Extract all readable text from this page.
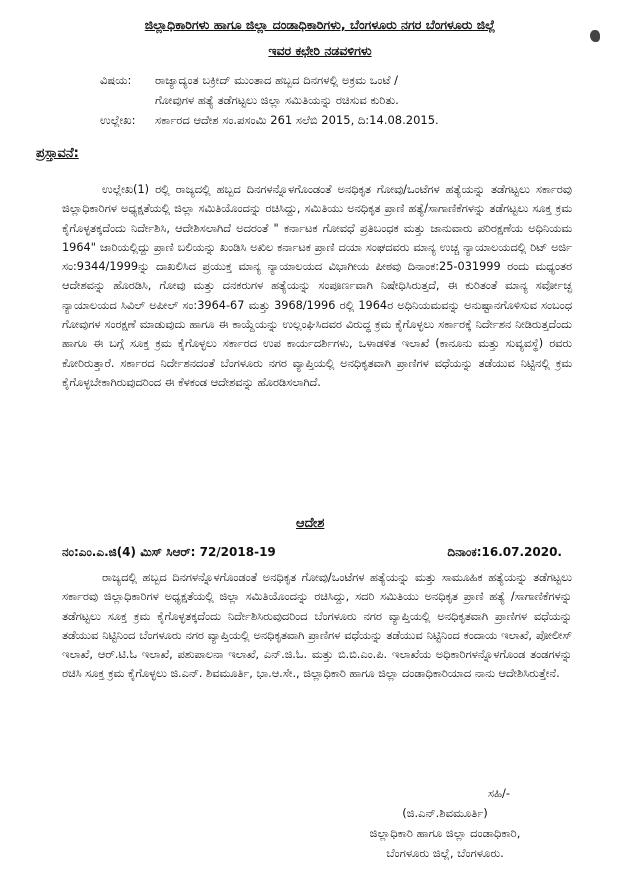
ಜಿಲ್ಲಾಧಿಕಾರಿಗಳು ಹಾಗೂ ಜಿಲ್ಲಾ ದಂಡಾಧಿಕಾರಿಗಳು, ಬೆಂಗಳೂರು ನಗರ ಬೆಂಗಳೂರು ಜಿಲ್ಲೆ
ಇವರ ಕಛೇರಿ ನಡವಳಿಗಳು
ವಿಷಯ:	ರಾಜ್ಯಾದ್ಯಂತ ಬಕ್ರೀದ್ ಮುಂತಾದ ಹಬ್ಬದ ದಿನಗಳಲ್ಲಿ ಅಕ್ರಮ ಒಂಟೆ /
ಗೋವುಗಳ ಹತ್ಯೆ ತಡೆಗಟ್ಟಲು ಜಿಲ್ಲಾ ಸಮಿತಿಯನ್ನು ರಚಿಸುವ ಕುರಿತು.
ಉಲ್ಲೇಖ:	ಸರ್ಕಾರದ ಆದೇಶ ಸಂ.ಪಸಂಮಿ 261 ಸಲೆಬಿ 2015, ದಿ:14.08.2015.
ಪ್ರಸ್ತಾವನೆ:
ಉಲ್ಲೇಖ(1) ರಲ್ಲಿ ರಾಜ್ಯದಲ್ಲಿ ಹಬ್ಬದ ದಿನಗಳನ್ನೊಳಗೊಂಡಂತೆ ಅನಧಿಕೃತ ಗೋವು/ಒಂಟೆಗಳ ಹತ್ಯೆಯನ್ನು ತಡೆಗಟ್ಟಲು ಸರ್ಕಾರವು ಜಿಲ್ಲಾಧಿಕಾರಿಗಳ ಅಧ್ಯಕ್ಷತೆಯಲ್ಲಿ ಜಿಲ್ಲಾ ಸಮಿತಿಯೊಂದನ್ನು ರಚಿಸಿದ್ದು, ಸಮಿತಿಯು ಅನಧಿಕೃತ ಪ್ರಾಣಿ ಹತ್ಯೆ/ಸಾಗಾಣಿಕೆಗಳನ್ನು ತಡೆಗಟ್ಟಲು ಸೂಕ್ತ ಕ್ರಮ ಕೈಗೊಳ್ಳತಕ್ಕದೆಂದು ನಿರ್ದೇಶಿಸಿ, ಆದೇಶಿಸಲಾಗಿದೆ ಅದರಂತೆ " ಕರ್ನಾಟಕ ಗೋವಧೆ ಪ್ರತಿಬಂಧಕ ಮತ್ತು ಜಾನುವಾರು ಪರಿರಕ್ಷಣೆಯ ಅಧಿನಿಯಮ 1964" ಜಾರಿಯಲ್ಲಿದ್ದು ಪ್ರಾಣಿ ಬಲಿಯನ್ನು ಖಂಡಿಸಿ ಅಖಿಲ ಕರ್ನಾಟಕ ಪ್ರಾಣಿ ದಯಾ ಸಂಘದವರು ಮಾನ್ಯ ಉಚ್ಚ ನ್ಯಾಯಾಲಯದಲ್ಲಿ ರಿಟ್ ಅರ್ಜಿ ಸಂ:9344/1999ನ್ನು ದಾಖಲಿಸಿದ ಪ್ರಯುಕ್ತ ಮಾನ್ಯ ನ್ಯಾಯಾಲಯದ ವಿಭಾಗೀಯ ಪೀಠವು ದಿನಾಂಕ:25-031999 ರಂದು ಮಧ್ಯಂತರ ಆದೇಶವನ್ನು ಹೊರಡಿಸಿ, ಗೋವು ಮತ್ತು ದನಕರುಗಳ ಹತ್ಯೆಯನ್ನು ಸಂಪೂರ್ಣವಾಗಿ ನಿಷೇಧಿಸಿರುತ್ತದೆ, ಈ ಕುರಿತಂತೆ ಮಾನ್ಯ ಸರ್ವೋಚ್ಛ ನ್ಯಾಯಾಲಯದ ಸಿವಿಲ್ ಅಪೀಲ್ ಸಂ:3964-67 ಮತ್ತು 3968/1996 ರಲ್ಲಿ 1964ರ ಅಧಿನಿಯಮವನ್ನು ಅನುಷ್ಟಾನಗೊಳಿಸುವ ಸಂಬಂಧ ಗೋವುಗಳ ಸಂರಕ್ಷಣೆ ಮಾಡುವುದು ಹಾಗೂ ಈ ಕಾಯ್ದೆಯನ್ನು ಉಲ್ಲಂಘಿಸಿದವರ ವಿರುದ್ಧ ಕ್ರಮ ಕೈಗೊಳ್ಳಲು ಸರ್ಕಾರಕ್ಕೆ ನಿರ್ದೇಶನ ನೀಡಿರುತ್ತದೆಂದು ಹಾಗೂ ಈ ಬಗ್ಗೆ ಸೂಕ್ತ ಕ್ರಮ ಕೈಗೊಳ್ಳಲು ಸರ್ಕಾರದ ಉಪ ಕಾರ್ಯದರ್ಶಿಗಳು, ಒಳಾಡಳಿತ ಇಲಾಖೆ (ಕಾನೂನು ಮತ್ತು ಸುವ್ಯವಸ್ಥೆ) ರವರು ಕೋರಿರುತ್ತಾರೆ. ಸರ್ಕಾರದ ನಿರ್ದೇಶನದಂತೆ ಬೆಂಗಳೂರು ನಗರ ವ್ಯಾಪ್ತಿಯಲ್ಲಿ ಅನಧಿಕೃತವಾಗಿ ಪ್ರಾಣಿಗಳ ವಧೆಯನ್ನು ತಡೆಯುವ ನಿಟ್ಟಿನಲ್ಲಿ ಕ್ರಮ ಕೈಗೊಳ್ಳಬೇಕಾಗಿರುವುದರಿಂದ ಈ ಕೆಳಕಂಡ ಆದೇಶವನ್ನು ಹೊರಡಿಸಲಾಗಿದೆ.
ಆದೇಶ
ನಂ:ಎಂ.ಎ.ಜಿ(4) ಮಿಸ್ ಸಿಆರ್: 72/2018-19	ದಿನಾಂಕ:16.07.2020.
ರಾಜ್ಯದಲ್ಲಿ ಹಬ್ಬದ ದಿನಗಳನ್ನೊಳಗೊಂಡಂತೆ ಅನಧಿಕೃತ ಗೋವು/ಒಂಟೆಗಳ ಹತ್ಯೆಯನ್ನು ಮತ್ತು ಸಾಮೂಹಿಕ ಹತ್ಯೆಯನ್ನು ತಡೆಗಟ್ಟಲು ಸರ್ಕಾರವು ಜಿಲ್ಲಾಧಿಕಾರಿಗಳ ಅಧ್ಯಕ್ಷತೆಯಲ್ಲಿ ಜಿಲ್ಲಾ ಸಮಿತಿಯೊಂದನ್ನು ರಚಿಸಿದ್ದು, ಸದರಿ ಸಮಿತಿಯು ಅನಧಿಕೃತ ಪ್ರಾಣಿ ಹತ್ಯೆ /ಸಾಗಾಣಿಕೆಗಳನ್ನು ತಡೆಗಟ್ಟಲು ಸೂಕ್ತ ಕ್ರಮ ಕೈಗೊಳ್ಳತಕ್ಕದೆಂದು ನಿರ್ದೇಶಿಸಿರುವುದರಿಂದ ಬೆಂಗಳೂರು ನಗರ ವ್ಯಾಪ್ತಿಯಲ್ಲಿ ಅನಧಿಕೃತವಾಗಿ ಪ್ರಾಣಿಗಳ ವಧೆಯನ್ನು ತಡೆಯುವ ನಿಟ್ಟಿನಿಂದ ಬೆಂಗಳೂರು ನಗರ ವ್ಯಾಪ್ತಿಯಲ್ಲಿ ಅನಧಿಕೃತವಾಗಿ ಪ್ರಾಣಿಗಳ ವಧೆಯನ್ನು ತಡೆಯುವ ನಿಟ್ಟಿನಿಂದ ಕಂದಾಯ ಇಲಾಖೆ, ಪೋಲೀಸ್ ಇಲಾಖೆ, ಆರ್.ಟಿ.ಓ ಇಲಾಖೆ, ಪಶುಪಾಲನಾ ಇಲಾಖೆ, ಎನ್.ಜಿ.ಓ. ಮತ್ತು ಬಿ.ಬಿ.ಎಂ.ಪಿ. ಇಲಾಖೆಯ ಅಧಿಕಾರಿಗಳನ್ನೊಳಗೊಂಡ ತಂಡಗಳನ್ನು ರಚಿಸಿ ಸೂಕ್ತ ಕ್ರಮ ಕೈಗೊಳ್ಳಲು ಜಿ.ಎನ್. ಶಿವಮೂರ್ತಿ, ಭಾ.ಆ.ಸೇ., ಜಿಲ್ಲಾಧಿಕಾರಿ ಹಾಗೂ ಜಿಲ್ಲಾ ದಂಡಾಧಿಕಾರಿಯಾದ ನಾನು ಆದೇಶಿಸಿರುತ್ತೇನೆ.
ಸಹಿ/-
(ಜಿ.ಎನ್.ಶಿವಮೂರ್ತಿ)
ಜಿಲ್ಲಾಧಿಕಾರಿ ಹಾಗೂ ಜಿಲ್ಲಾ ದಂಡಾಧಿಕಾರಿ,
ಬೆಂಗಳೂರು ಜಿಲ್ಲೆ, ಬೆಂಗಳೂರು.
